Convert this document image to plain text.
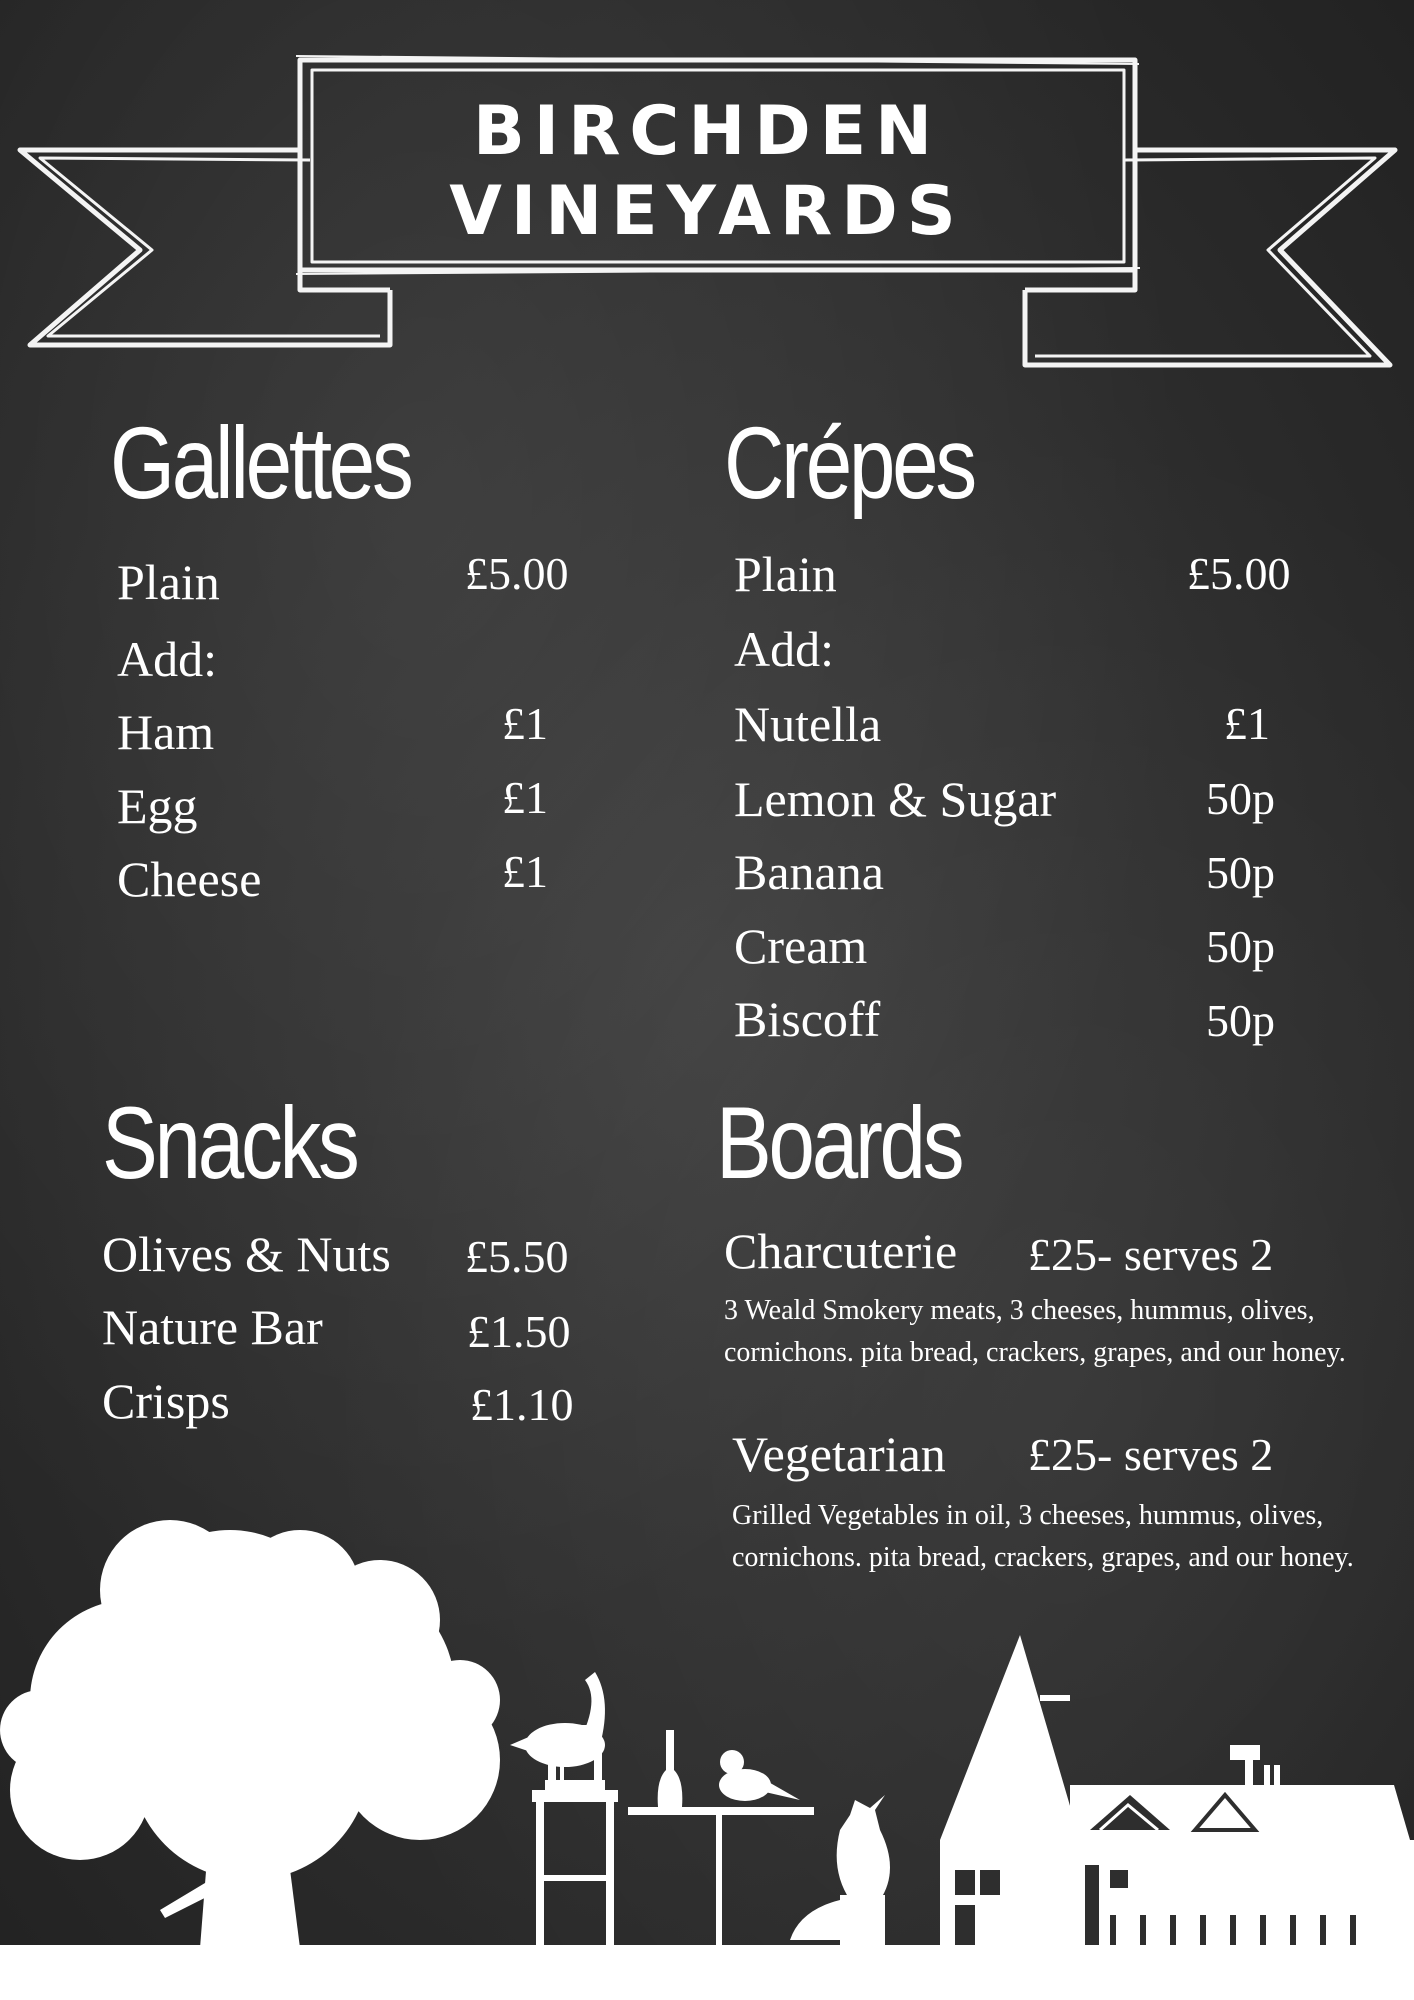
BIRCHDEN
VINEYARDS
Gallettes
Plain	£5.00
Add:
Ham	£1
Egg	£1
Cheese	£1
Crépes
Plain	£5.00
Add:
Nutella	£1
Lemon & Sugar	50p
Banana	50p
Cream	50p
Biscoff	50p
Snacks
Olives & Nuts £5.50
Nature Bar	£1.50
Crisps	£1.10
Boards
Charcuterie £25- serves 2
3 Weald Smokery meats, 3 cheeses, hummus, olives, cornichons. pita bread, crackers, grapes, and our honey.
Vegetarian £25- serves 2
Grilled Vegetables in oil, 3 cheeses, hummus, olives, cornichons. pita bread, crackers, grapes, and our honey.
